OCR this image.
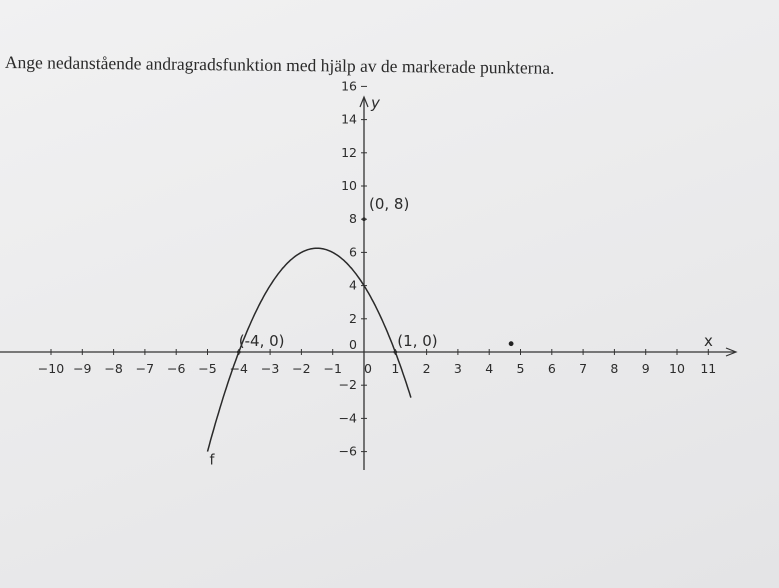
Ange nedanstående andragradsfunktion med hjälp av de markerade punkterna.
x
y
−10 −9 −8 −7 −6 −5 −4 −3 −2 −1 0 1 2 3 4 5 6 7 8 9 10 11
−6
−4
−2
0
2
4
6
8
10
12
14
16
f
(-4, 0)
(0, 8)
(1, 0)
